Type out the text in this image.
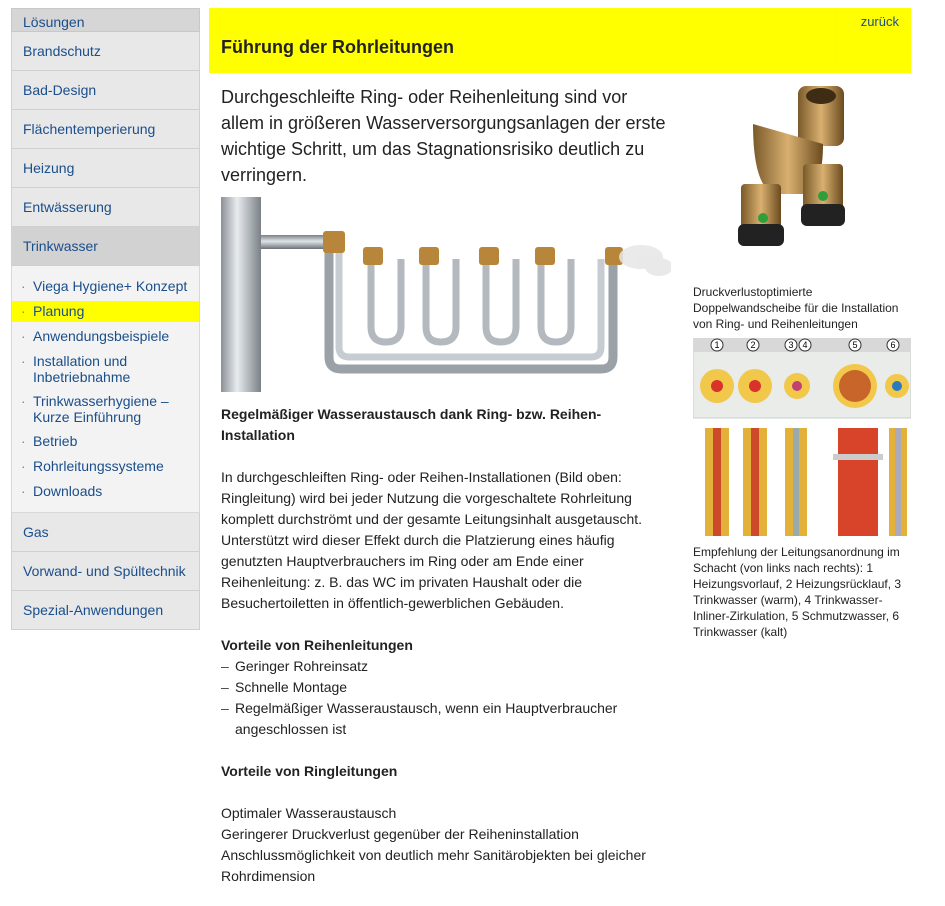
Lösungen
Brandschutz
Bad-Design
Flächentemperierung
Heizung
Entwässerung
Trinkwasser
· Viega Hygiene+ Konzept
· Planung
· Anwendungsbeispiele
· Installation und Inbetriebnahme
· Trinkwasserhygiene – Kurze Einführung
· Betrieb
· Rohrleitungssysteme
· Downloads
Gas
Vorwand- und Spültechnik
Spezial-Anwendungen
Führung der Rohrleitungen
zurück
Durchgeschleifte Ring- oder Reihenleitung sind vor allem in größeren Wasserversorgungsanlagen der erste wichtige Schritt, um das Stagnationsrisiko deutlich zu verringern.
Regelmäßiger Wasseraustausch dank Ring- bzw. Reihen-Installation

In durchgeschleiften Ring- oder Reihen-Installationen (Bild oben: Ringleitung) wird bei jeder Nutzung die vorgeschaltete Rohrleitung komplett durchströmt und der gesamte Leitungsinhalt ausgetauscht. Unterstützt wird dieser Effekt durch die Platzierung eines häufig genutzten Hauptverbrauchers im Ring oder am Ende einer Reihenleitung: z. B. das WC im privaten Haushalt oder die Besuchertoiletten in öffentlich-gewerblichen Gebäuden.

Vorteile von Reihenleitungen
– Geringer Rohreinsatz
– Schnelle Montage
– Regelmäßiger Wasseraustausch, wenn ein Hauptverbraucher angeschlossen ist
Vorteile von Ringleitungen

Optimaler Wasseraustausch

Geringerer Druckverlust gegenüber der Reiheninstallation

Anschlussmöglichkeit von deutlich mehr Sanitärobjekten bei gleicher Rohrdimension

Druckverlustoptimierte Doppelwandscheibe für die Installation von Ring- und Reihenleitungen

1	2	3 4	5	6

Empfehlung der Leitungsanordnung im Schacht (von links nach rechts): 1 Heizungsvorlauf, 2 Heizungsrücklauf, 3 Trinkwasser (warm), 4 Trinkwasser-Inliner-Zirkulation, 5 Schmutzwasser, 6 Trinkwasser (kalt)
